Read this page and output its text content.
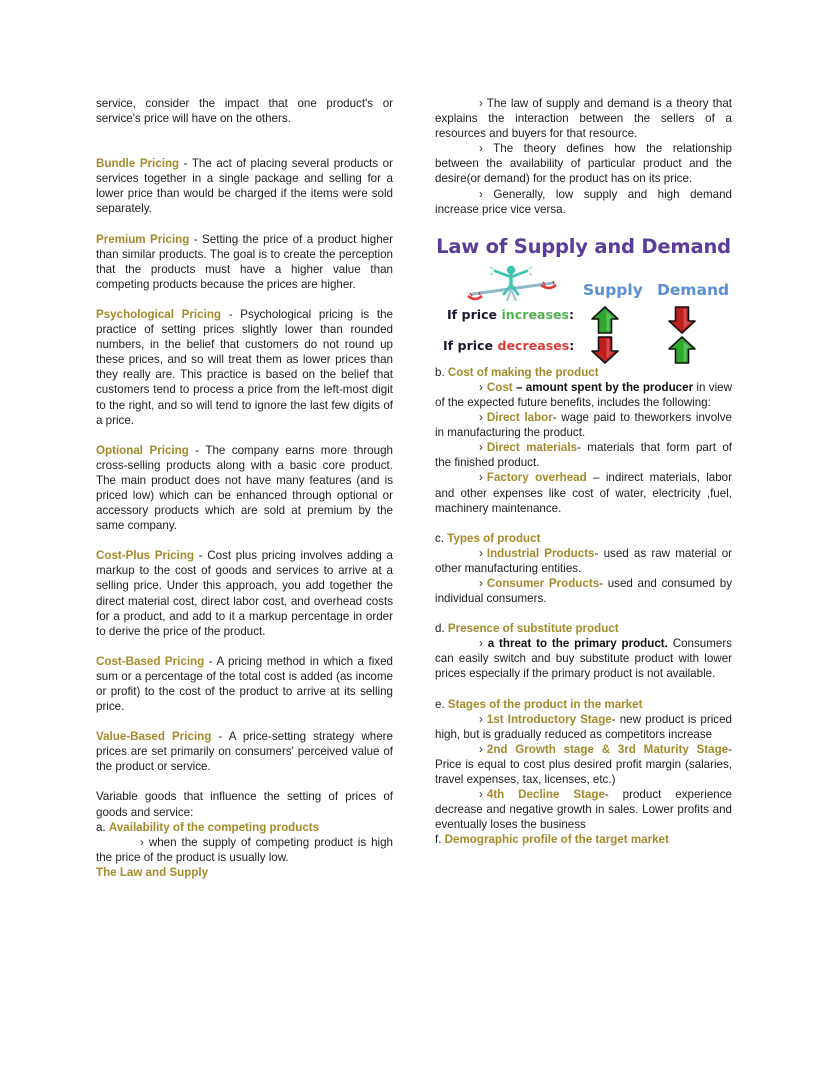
service, consider the impact that one product's or service's price will have on the others.

Bundle Pricing - The act of placing several products or services together in a single package and selling for a lower price than would be charged if the items were sold separately.

Premium Pricing - Setting the price of a product higher than similar products. The goal is to create the perception that the products must have a higher value than competing products because the prices are higher.

Psychological Pricing - Psychological pricing is the practice of setting prices slightly lower than rounded numbers, in the belief that customers do not round up these prices, and so will treat them as lower prices than they really are. This practice is based on the belief that customers tend to process a price from the left-most digit to the right, and so will tend to ignore the last few digits of a price.

Optional Pricing - The company earns more through cross-selling products along with a basic core product. The main product does not have many features (and is priced low) which can be enhanced through optional or accessory products which are sold at premium by the same company.

Cost-Plus Pricing - Cost plus pricing involves adding a markup to the cost of goods and services to arrive at a selling price. Under this approach, you add together the direct material cost, direct labor cost, and overhead costs for a product, and add to it a markup percentage in order to derive the price of the product.

Cost-Based Pricing - A pricing method in which a fixed sum or a percentage of the total cost is added (as income or profit) to the cost of the product to arrive at its selling price.

Value-Based Pricing - A price-setting strategy where prices are set primarily on consumers' perceived value of the product or service.

Variable goods that influence the setting of prices of goods and service:

a. Availability of the competing products

› when the supply of competing product is high the price of the product is usually low.

The Law and Supply

› The law of supply and demand is a theory that explains the interaction between the sellers of a resources and buyers for that resource.

› The theory defines how the relationship between the availability of particular product and the desire(or demand) for the product has on its price.

› Generally, low supply and high demand increase price vice versa.

Law of Supply and Demand
If price increases:
If price decreases:
Supply Demand

b. Cost of making the product

› Cost – amount spent by the producer in view of the expected future benefits, includes the following:

› Direct labor- wage paid to theworkers involve in manufacturing the product.

› Direct materials- materials that form part of the finished product.

› Factory overhead – indirect materials, labor and other expenses like cost of water, electricity ,fuel, machinery maintenance.

c. Types of product

› Industrial Products- used as raw material or other manufacturing entities.

› Consumer Products- used and consumed by individual consumers.

d. Presence of substitute product

› a threat to the primary product. Consumers can easily switch and buy substitute product with lower prices especially if the primary product is not available.

e. Stages of the product in the market

› 1st Introductory Stage- new product is priced high, but is gradually reduced as competitors increase

› 2nd Growth stage & 3rd Maturity Stage- Price is equal to cost plus desired profit margin (salaries, travel expenses, tax, licenses, etc.)

› 4th Decline Stage- product experience decrease and negative growth in sales. Lower profits and eventually loses the business

f. Demographic profile of the target market
